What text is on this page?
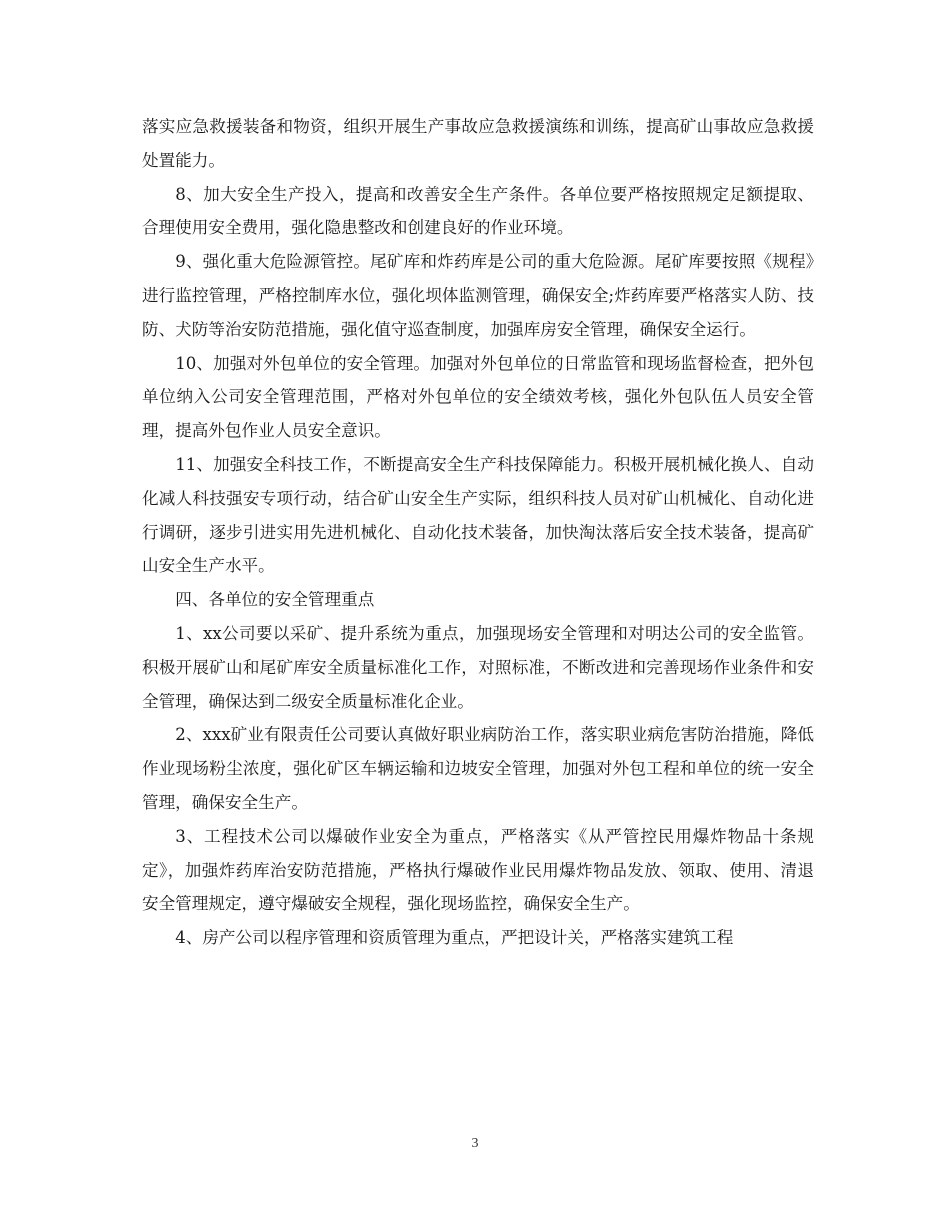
落实应急救援装备和物资，组织开展生产事故应急救援演练和训练，提高矿山事故应急救援处置能力。

8、加大安全生产投入，提高和改善安全生产条件。各单位要严格按照规定足额提取、合理使用安全费用，强化隐患整改和创建良好的作业环境。

9、强化重大危险源管控。尾矿库和炸药库是公司的重大危险源。尾矿库要按照《规程》进行监控管理，严格控制库水位，强化坝体监测管理，确保安全;炸药库要严格落实人防、技防、犬防等治安防范措施，强化值守巡查制度，加强库房安全管理，确保安全运行。

10、加强对外包单位的安全管理。加强对外包单位的日常监管和现场监督检查，把外包单位纳入公司安全管理范围，严格对外包单位的安全绩效考核，强化外包队伍人员安全管理，提高外包作业人员安全意识。

11、加强安全科技工作，不断提高安全生产科技保障能力。积极开展机械化换人、自动化减人科技强安专项行动，结合矿山安全生产实际，组织科技人员对矿山机械化、自动化进行调研，逐步引进实用先进机械化、自动化技术装备，加快淘汰落后安全技术装备，提高矿山安全生产水平。

四、各单位的安全管理重点

1、xx公司要以采矿、提升系统为重点，加强现场安全管理和对明达公司的安全监管。积极开展矿山和尾矿库安全质量标准化工作，对照标准，不断改进和完善现场作业条件和安全管理，确保达到二级安全质量标准化企业。

2、xxx矿业有限责任公司要认真做好职业病防治工作，落实职业病危害防治措施，降低作业现场粉尘浓度，强化矿区车辆运输和边坡安全管理，加强对外包工程和单位的统一安全管理，确保安全生产。

3、工程技术公司以爆破作业安全为重点，严格落实《从严管控民用爆炸物品十条规定》，加强炸药库治安防范措施，严格执行爆破作业民用爆炸物品发放、领取、使用、清退安全管理规定，遵守爆破安全规程，强化现场监控，确保安全生产。

4、房产公司以程序管理和资质管理为重点，严把设计关，严格落实建筑工程

3
